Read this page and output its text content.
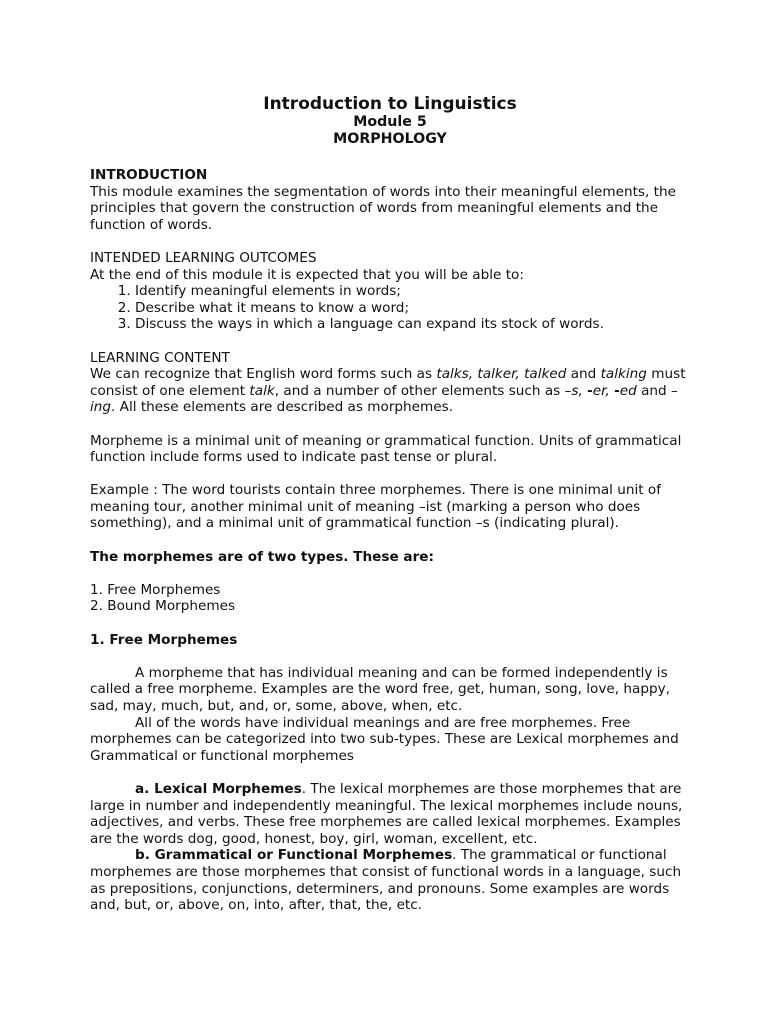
Introduction to Linguistics
Module 5
MORPHOLOGY

INTRODUCTION

This module examines the segmentation of words into their meaningful elements, the principles that govern the construction of words from meaningful elements and the function of words.

INTENDED LEARNING OUTCOMES

At the end of this module it is expected that you will be able to:

1. Identify meaningful elements in words;
2. Describe what it means to know a word;
3. Discuss the ways in which a language can expand its stock of words.

LEARNING CONTENT

We can recognize that English word forms such as talks, talker, talked and talking must consist of one element talk, and a number of other elements such as –s, -er, -ed and –ing. All these elements are described as morphemes.

Morpheme is a minimal unit of meaning or grammatical function. Units of grammatical function include forms used to indicate past tense or plural.

Example : The word tourists contain three morphemes. There is one minimal unit of meaning tour, another minimal unit of meaning –ist (marking a person who does something), and a minimal unit of grammatical function –s (indicating plural).

The morphemes are of two types. These are:

1. Free Morphemes

2. Bound Morphemes

1. Free Morphemes

A morpheme that has individual meaning and can be formed independently is called a free morpheme. Examples are the word free, get, human, song, love, happy, sad, may, much, but, and, or, some, above, when, etc.

All of the words have individual meanings and are free morphemes. Free morphemes can be categorized into two sub-types. These are Lexical morphemes and Grammatical or functional morphemes

a. Lexical Morphemes. The lexical morphemes are those morphemes that are large in number and independently meaningful. The lexical morphemes include nouns, adjectives, and verbs. These free morphemes are called lexical morphemes. Examples are the words dog, good, honest, boy, girl, woman, excellent, etc.

b. Grammatical or Functional Morphemes. The grammatical or functional morphemes are those morphemes that consist of functional words in a language, such as prepositions, conjunctions, determiners, and pronouns. Some examples are words and, but, or, above, on, into, after, that, the, etc.
